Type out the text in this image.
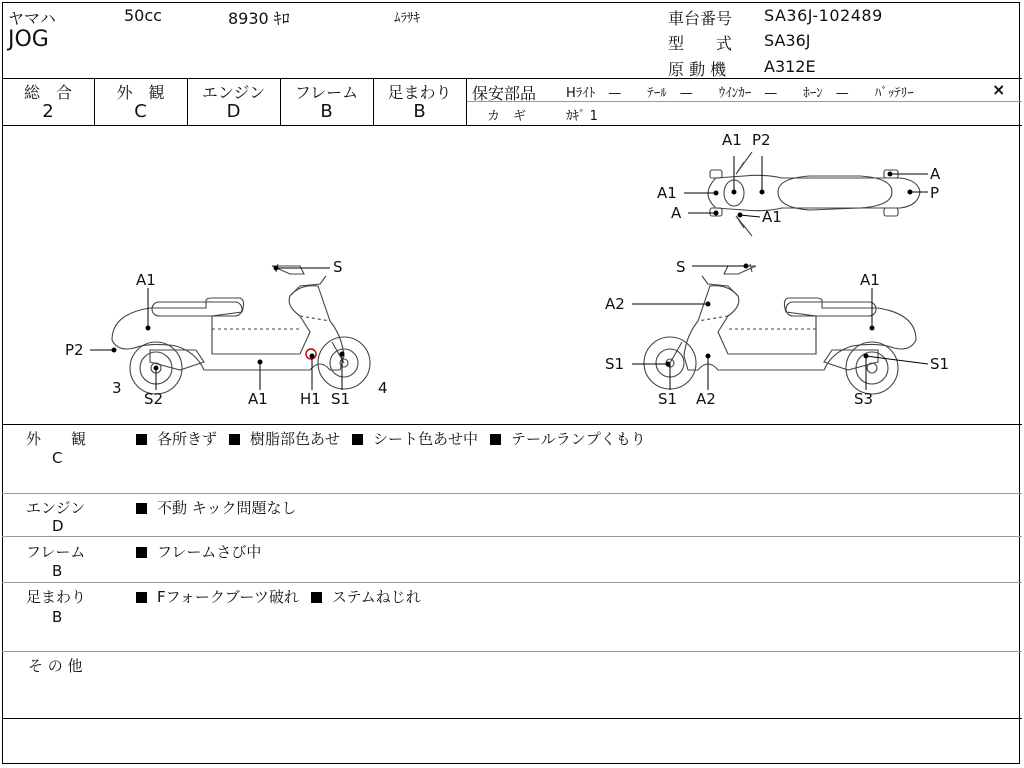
ヤマハ	50cc	8930 ｷﾛ	ﾑﾗｻｷ
JOG
車台番号 SA36J-102489
型　　式 SA36J
原 動 機 A312E
総　合
2
外　観
C
エンジン
D
フレーム
B
足まわり
B
保安部品 Hﾗｲﾄ　—　　ﾃｰﾙ　—　　ｳｲﾝｶｰ　—　　ﾎｰﾝ　—　　ﾊﾞｯﾃﾘｰ	×
カ　ギ	ｶｷﾞ 1
A1
P2
S
3
S2	A1 H1 S1
4
A1 P2
A1
A	A1
A
P
S
A1
A2
S1	S1
S1 A2	S3
外　　観
C
各所きず 樹脂部色あせ シート色あせ中 テールランプくもり
エンジン
D
不動 キック問題なし
フレーム
B
フレームさび中
足まわり
B
Fフォークブーツ破れ ステムねじれ
そ の 他
